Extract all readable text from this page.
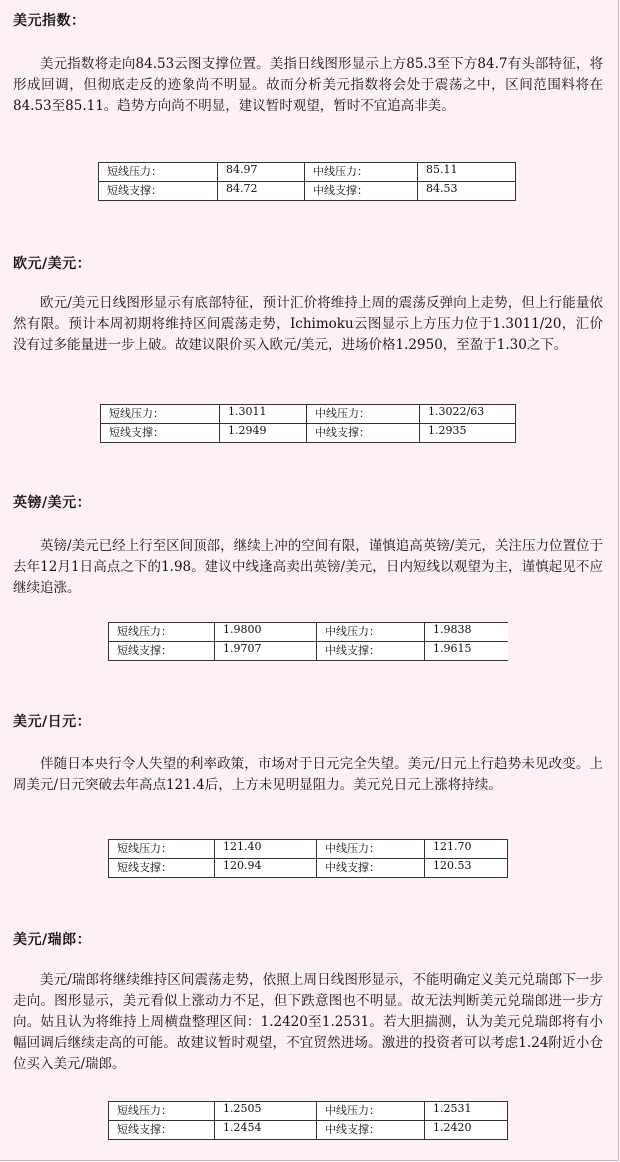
美元指数：

美元指数将走向84.53云图支撑位置。美指日线图形显示上方85.3至下方84.7有头部特征，将形成回调，但彻底走反的迹象尚不明显。故而分析美元指数将会处于震荡之中，区间范围料将在84.53至85.11。趋势方向尚不明显，建议暂时观望，暂时不宜追高非美。

短线压力：	84.97	中线压力：	85.11
短线支撑：	84.72	中线支撑：	84.53
欧元/美元：

欧元/美元日线图形显示有底部特征，预计汇价将维持上周的震荡反弹向上走势，但上行能量依然有限。预计本周初期将维持区间震荡走势，Ichimoku云图显示上方压力位于1.3011/20，汇价没有过多能量进一步上破。故建议限价买入欧元/美元，进场价格1.2950，至盈于1.30之下。

短线压力：	1.3011	中线压力：	1.3022/63
短线支撑：	1.2949	中线支撑：	1.2935
英镑/美元：

英镑/美元已经上行至区间顶部，继续上冲的空间有限，谨慎追高英镑/美元，关注压力位置位于去年12月1日高点之下的1.98。建议中线逢高卖出英镑/美元，日内短线以观望为主，谨慎起见不应继续追涨。

短线压力：	1.9800	中线压力：	1.9838
短线支撑：	1.9707	中线支撑：	1.9615
美元/日元：

伴随日本央行令人失望的利率政策，市场对于日元完全失望。美元/日元上行趋势未见改变。上周美元/日元突破去年高点121.4后，上方未见明显阻力。美元兑日元上涨将持续。

短线压力：	121.40	中线压力：	121.70
短线支撑：	120.94	中线支撑：	120.53
美元/瑞郎：

美元/瑞郎将继续维持区间震荡走势，依照上周日线图形显示，不能明确定义美元兑瑞郎下一步走向。图形显示，美元看似上涨动力不足，但下跌意图也不明显。故无法判断美元兑瑞郎进一步方向。姑且认为将维持上周横盘整理区间：1.2420至1.2531。若大胆揣测，认为美元兑瑞郎将有小幅回调后继续走高的可能。故建议暂时观望，不宜贸然进场。激进的投资者可以考虑1.24附近小仓位买入美元/瑞郎。

短线压力：	1.2505	中线压力：	1.2531
短线支撑：	1.2454	中线支撑：	1.2420
